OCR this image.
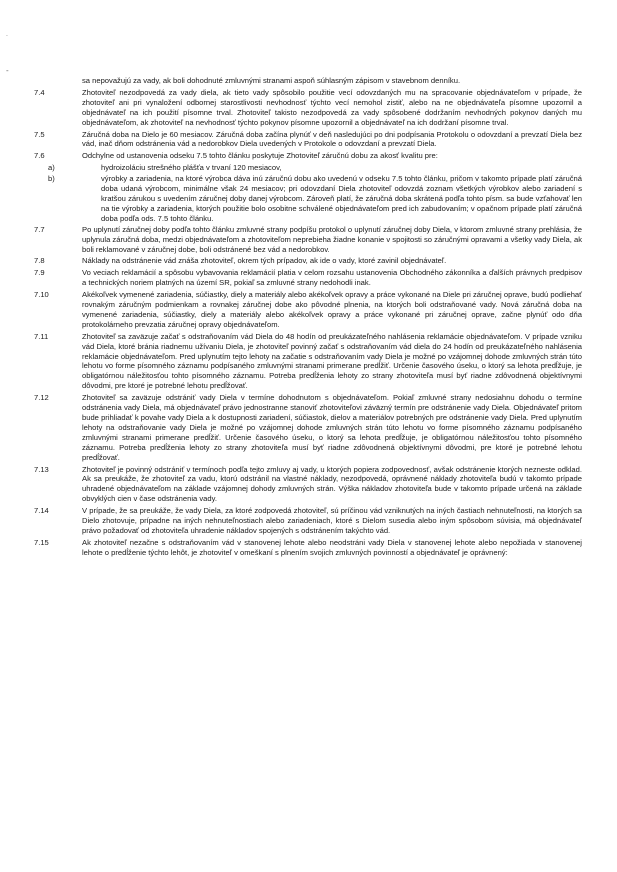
˙
-
sa nepovažujú za vady, ak boli dohodnuté zmluvnými stranami aspoň súhlasným zápisom v stavebnom denníku.
7.4	Zhotoviteľ nezodpovedá za vady diela, ak tieto vady spôsobilo použitie vecí odovzdaných mu na spracovanie objednávateľom v prípade, že zhotoviteľ ani pri vynaložení odbornej starostlivosti nevhodnosť týchto vecí nemohol zistiť, alebo na ne objednávateľa písomne upozornil a objednávateľ na ich použití písomne trval. Zhotoviteľ takisto nezodpovedá za vady spôsobené dodržaním nevhodných pokynov daných mu objednávateľom, ak zhotoviteľ na nevhodnosť týchto pokynov písomne upozornil a objednávateľ na ich dodržaní písomne trval.
7.5	Záručná doba na Dielo je 60 mesiacov. Záručná doba začína plynúť v deň nasledujúci po dni podpísania Protokolu o odovzdaní a prevzatí Diela bez vád, inač dňom odstránenia vád a nedorobkov Diela uvedených v Protokole o odovzdaní a prevzatí Diela.
7.6	Odchylne od ustanovenia odseku 7.5 tohto článku poskytuje Zhotoviteľ záručnú dobu za akosť kvalitu pre:
a)	hydroizoláciu strešného plášťa v trvaní 120 mesiacov,
b)	výrobky a zariadenia, na ktoré výrobca dáva inú záručnú dobu ako uvedenú v odseku 7.5 tohto článku, pričom v takomto prípade platí záručná doba udaná výrobcom, minimálne však 24 mesiacov; pri odovzdaní Diela zhotoviteľ odovzdá zoznam všetkých výrobkov alebo zariadení s kratšou zárukou s uvedením záručnej doby danej výrobcom. Zároveň platí, že záručná doba skrátená podľa tohto písm. sa bude vzťahovať len na tie výrobky a zariadenia, ktorých použitie bolo osobitne schválené objednávateľom pred ich zabudovaním; v opačnom prípade platí záručná doba podľa ods. 7.5 tohto článku.
7.7	Po uplynutí záručnej doby podľa tohto článku zmluvné strany podpíšu protokol o uplynutí záručnej doby Diela, v ktorom zmluvné strany prehlásia, že uplynula záručná doba, medzi objednávateľom a zhotoviteľom neprebieha žiadne konanie v spojitosti so záručnými opravami a všetky vady Diela, ak boli reklamované v záručnej dobe, boli odstránené bez vád a nedorobkov.
7.8	Náklady na odstránenie vád znáša zhotoviteľ, okrem tých prípadov, ak ide o vady, ktoré zavinil objednávateľ.
7.9	Vo veciach reklamácií a spôsobu vybavovania reklamácií platia v celom rozsahu ustanovenia Obchodného zákonníka a ďalších právnych predpisov a technických noriem platných na území SR, pokiaľ sa zmluvné strany nedohodli inak.
7.10	Akékoľvek vymenené zariadenia, súčiastky, diely a materiály alebo akékoľvek opravy a práce vykonané na Diele pri záručnej oprave, budú podliehať rovnakým záručným podmienkam a rovnakej záručnej dobe ako pôvodné plnenia, na ktorých boli odstraňované vady. Nová záručná doba na vymenené zariadenia, súčiastky, diely a materiály alebo akékoľvek opravy a práce vykonané pri záručnej oprave, začne plynúť odo dňa protokolárneho prevzatia záručnej opravy objednávateľom.
7.11	Zhotoviteľ sa zaväzuje začať s odstraňovaním vád Diela do 48 hodín od preukázateľného nahlásenia reklamácie objednávateľom. V prípade vzniku vád Diela, ktoré bránia riadnemu užívaniu Diela, je zhotoviteľ povinný začať s odstraňovaním vád diela do 24 hodín od preukázateľného nahlásenia reklamácie objednávateľom. Pred uplynutím tejto lehoty na začatie s odstraňovaním vady Diela je možné po vzájomnej dohode zmluvných strán túto lehotu vo forme písomného záznamu podpísaného zmluvnými stranami primerane predĺžiť. Určenie časového úseku, o ktorý sa lehota predĺžuje, je obligatórnou náležitosťou tohto písomného záznamu. Potreba predĺženia lehoty zo strany zhotoviteľa musí byť riadne zdôvodnená objektívnymi dôvodmi, pre ktoré je potrebné lehotu predĺžovať.
7.12	Zhotoviteľ sa zaväzuje odstrániť vady Diela v termíne dohodnutom s objednávateľom. Pokiaľ zmluvné strany nedosiahnu dohodu o termíne odstránenia vady Diela, má objednávateľ právo jednostranne stanoviť zhotoviteľovi záväzný termín pre odstránenie vady Diela. Objednávateľ pritom bude prihliadať k povahe vady Diela a k dostupnosti zariadení, súčiastok, dielov a materiálov potrebných pre odstránenie vady Diela. Pred uplynutím lehoty na odstraňovanie vady Diela je možné po vzájomnej dohode zmluvných strán túto lehotu vo forme písomného záznamu podpísaného zmluvnými stranami primerane predĺžiť. Určenie časového úseku, o ktorý sa lehota predĺžuje, je obligatórnou náležitosťou tohto písomného záznamu. Potreba predĺženia lehoty zo strany zhotoviteľa musí byť riadne zdôvodnená objektívnymi dôvodmi, pre ktoré je potrebné lehotu predĺžovať.
7.13	Zhotoviteľ je povinný odstrániť v termínoch podľa tejto zmluvy aj vady, u ktorých popiera zodpovednosť, avšak odstránenie ktorých nezneste odklad. Ak sa preukáže, že zhotoviteľ za vadu, ktorú odstránil na vlastné náklady, nezodpovedá, oprávnené náklady zhotoviteľa budú v takomto prípade uhradené objednávateľom na základe vzájomnej dohody zmluvných strán. Výška nákladov zhotoviteľa bude v takomto prípade určená na základe obvyklých cien v čase odstránenia vady.
7.14	V prípade, že sa preukáže, že vady Diela, za ktoré zodpovedá zhotoviteľ, sú príčinou vád vzniknutých na iných častiach nehnuteľnosti, na ktorých sa Dielo zhotovuje, prípadne na iných nehnuteľnostiach alebo zariadeniach, ktoré s Dielom susedia alebo iným spôsobom súvisia, má objednávateľ právo požadovať od zhotoviteľa uhradenie nákladov spojených s odstránením takýchto vád.
7.15	Ak zhotoviteľ nezačne s odstraňovaním vád v stanovenej lehote alebo neodstráni vady Diela v stanovenej lehote alebo nepožiada v stanovenej lehote o predĺženie týchto lehôt, je zhotoviteľ v omeškaní s plnením svojich zmluvných povinností a objednávateľ je oprávnený:
